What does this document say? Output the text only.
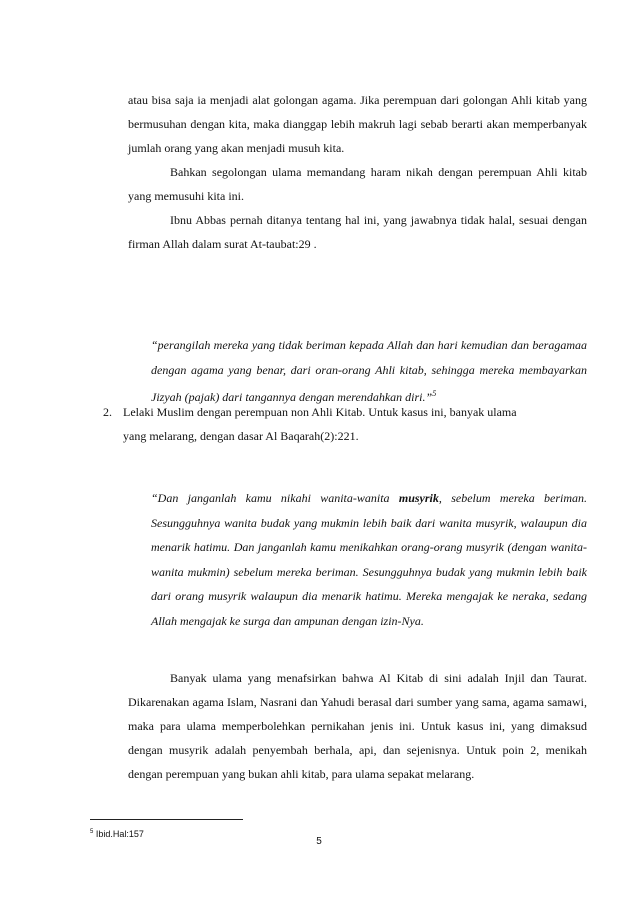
atau bisa saja ia menjadi alat golongan agama. Jika perempuan dari golongan Ahli kitab yang bermusuhan dengan kita, maka dianggap lebih makruh lagi sebab berarti akan memperbanyak jumlah orang yang akan menjadi musuh kita.

Bahkan segolongan ulama memandang haram nikah dengan perempuan Ahli kitab yang memusuhi kita ini.

Ibnu Abbas pernah ditanya tentang hal ini, yang jawabnya tidak halal, sesuai dengan firman Allah dalam surat At-taubat:29 .

“perangilah mereka yang tidak beriman kepada Allah dan hari kemudian dan beragamaa dengan agama yang benar, dari oran-orang Ahli kitab, sehingga mereka membayarkan Jizyah (pajak) dari tangannya dengan merendahkan diri.”$^5$

2. Lelaki Muslim dengan perempuan non Ahli Kitab. Untuk kasus ini, banyak ulama
yang melarang, dengan dasar Al Baqarah(2):221.

“Dan janganlah kamu nikahi wanita-wanita musyrik, sebelum mereka beriman. Sesungguhnya wanita budak yang mukmin lebih baik dari wanita musyrik, walaupun dia menarik hatimu. Dan janganlah kamu menikahkan orang-orang musyrik (dengan wanita-wanita mukmin) sebelum mereka beriman. Sesungguhnya budak yang mukmin lebih baik dari orang musyrik walaupun dia menarik hatimu. Mereka mengajak ke neraka, sedang Allah mengajak ke surga dan ampunan dengan izin-Nya.

Banyak ulama yang menafsirkan bahwa Al Kitab di sini adalah Injil dan Taurat. Dikarenakan agama Islam, Nasrani dan Yahudi berasal dari sumber yang sama, agama samawi, maka para ulama memperbolehkan pernikahan jenis ini. Untuk kasus ini, yang dimaksud dengan musyrik adalah penyembah berhala, api, dan sejenisnya. Untuk poin 2, menikah dengan perempuan yang bukan ahli kitab, para ulama sepakat melarang.

$^5$ Ibid.Hal:157
5
